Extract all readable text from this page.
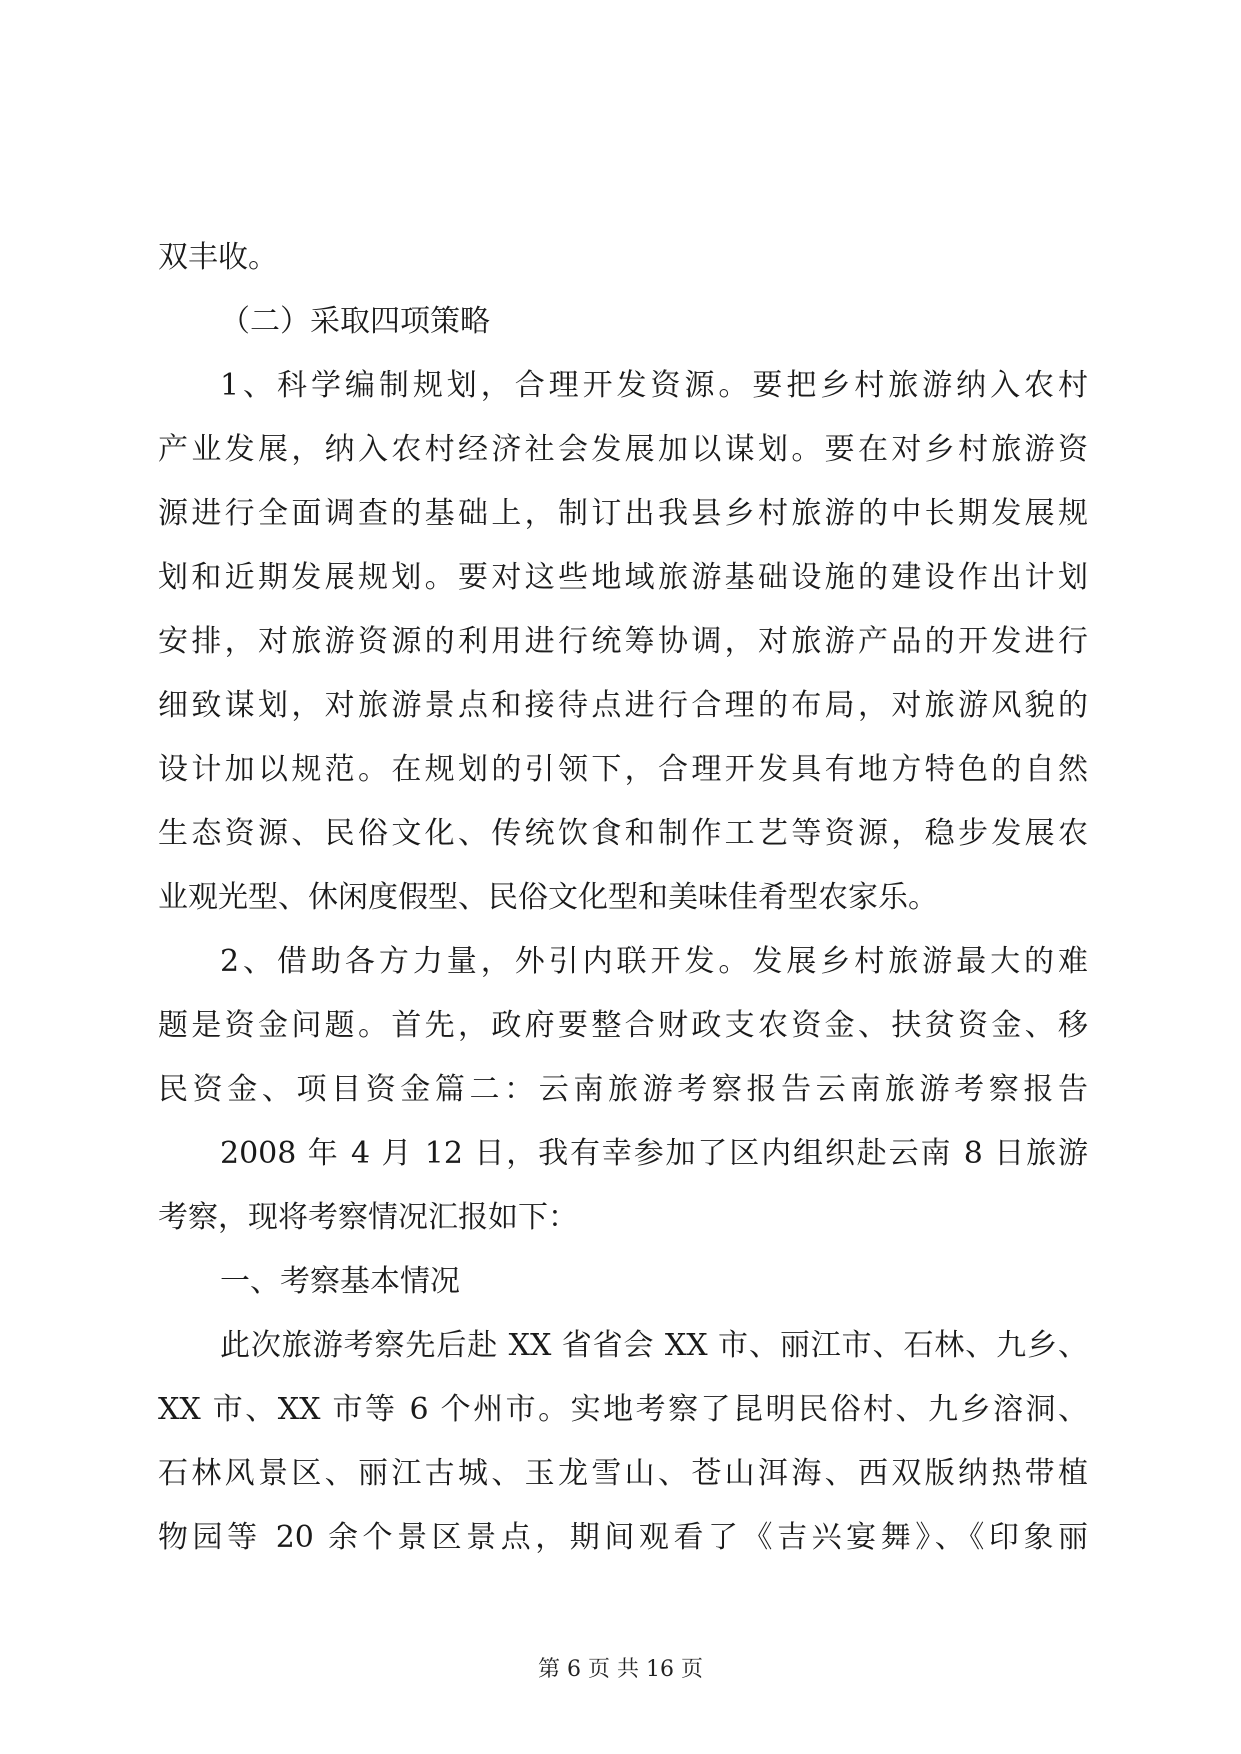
双丰收。
（二）采取四项策略
1、科学编制规划，合理开发资源。要把乡村旅游纳入农村
产业发展，纳入农村经济社会发展加以谋划。要在对乡村旅游资
源进行全面调查的基础上，制订出我县乡村旅游的中长期发展规
划和近期发展规划。要对这些地域旅游基础设施的建设作出计划
安排，对旅游资源的利用进行统筹协调，对旅游产品的开发进行
细致谋划，对旅游景点和接待点进行合理的布局，对旅游风貌的
设计加以规范。在规划的引领下，合理开发具有地方特色的自然
生态资源、民俗文化、传统饮食和制作工艺等资源，稳步发展农
业观光型、休闲度假型、民俗文化型和美味佳肴型农家乐。
2、借助各方力量，外引内联开发。发展乡村旅游最大的难
题是资金问题。首先，政府要整合财政支农资金、扶贫资金、移
民资金、项目资金篇二：云南旅游考察报告云南旅游考察报告
2008 年 4 月 12 日，我有幸参加了区内组织赴云南 8 日旅游
考察，现将考察情况汇报如下：
一、考察基本情况
此次旅游考察先后赴 XX 省省会 XX 市、丽江市、石林、九乡、
XX 市、XX 市等 6 个州市。实地考察了昆明民俗村、九乡溶洞、
石林风景区、丽江古城、玉龙雪山、苍山洱海、西双版纳热带植
物园等 20 余个景区景点，期间观看了《吉兴宴舞》、《印象丽
第 6 页 共 16 页
